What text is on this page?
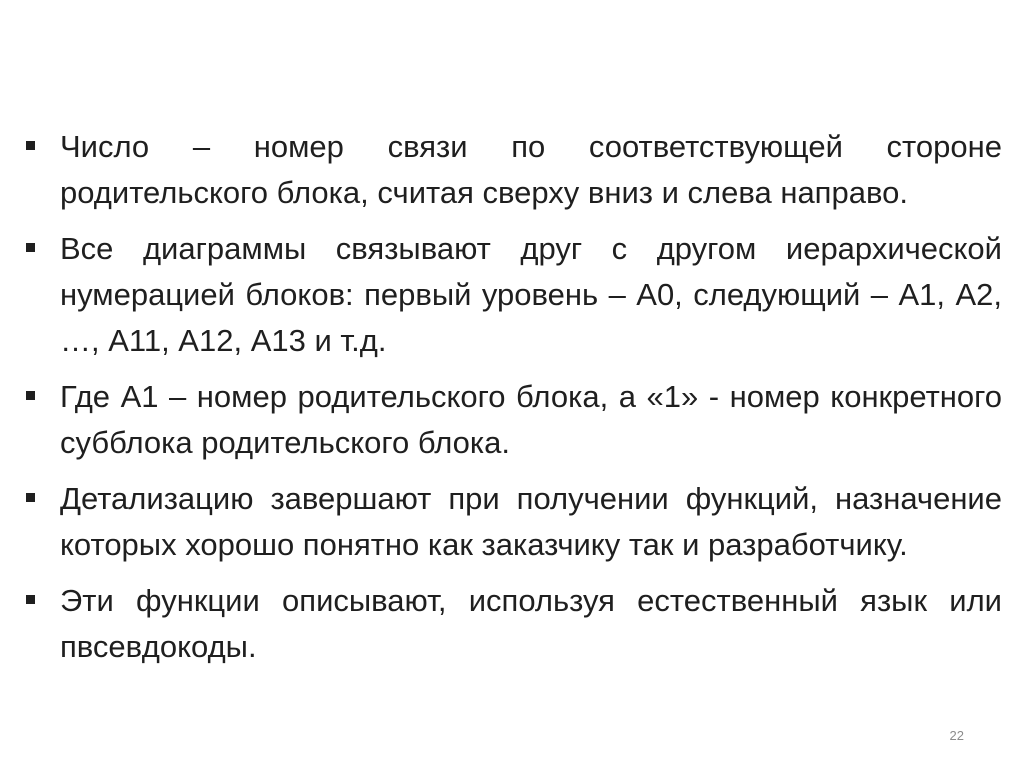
Число – номер связи по соответствующей стороне родительского блока, считая сверху вниз и слева направо.
Все диаграммы связывают друг с другом иерархической нумерацией блоков: первый уровень – А0, следующий – А1, А2, …, А11, А12, А13 и т.д.
Где А1 – номер родительского блока, а «1» - номер конкретного субблока родительского блока.
Детализацию завершают при получении функций, назначение которых хорошо понятно как заказчику так и разработчику.
Эти функции описывают, используя естественный язык или пвсевдокоды.
22
